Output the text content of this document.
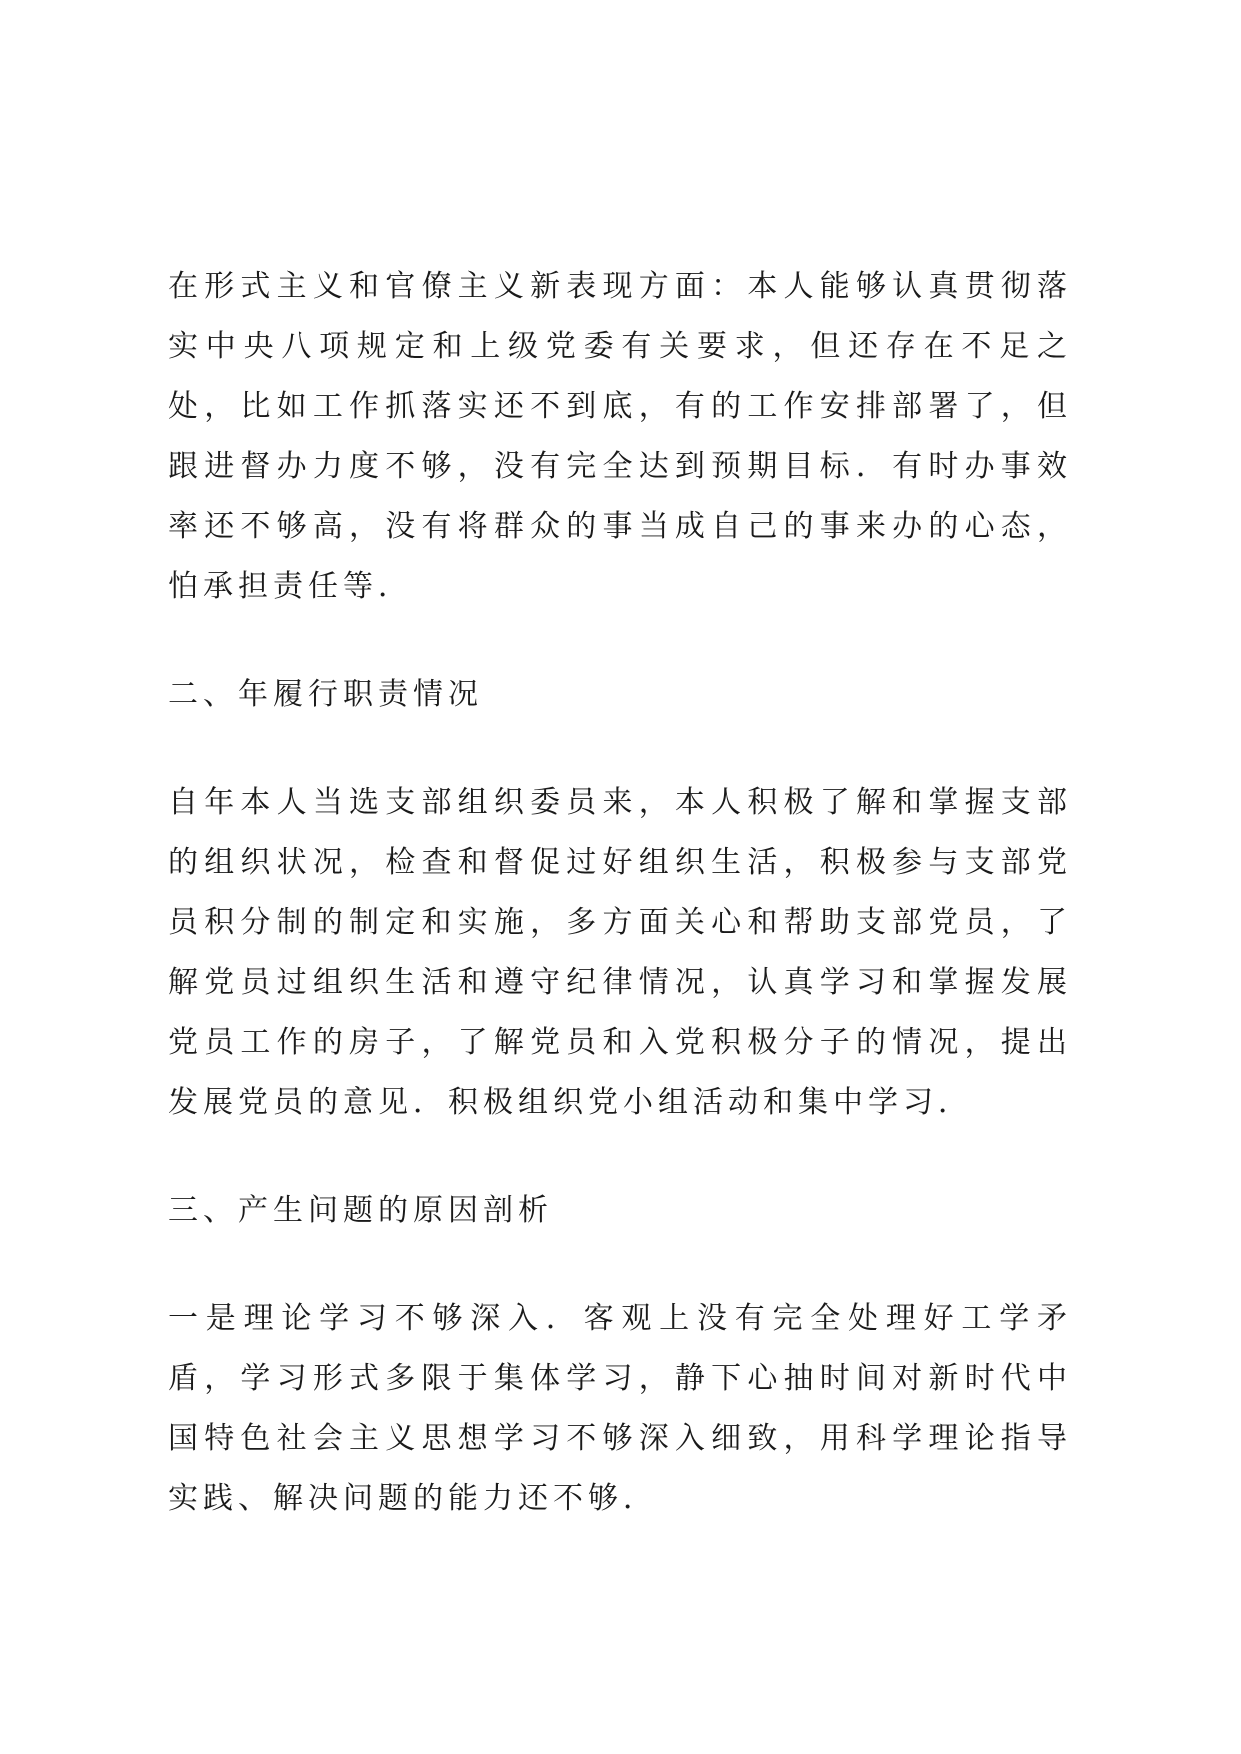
在形式主义和官僚主义新表现方面：本人能够认真贯彻落实中央八项规定和上级党委有关要求，但还存在不足之处，比如工作抓落实还不到底，有的工作安排部署了，但跟进督办力度不够，没有完全达到预期目标．有时办事效率还不够高，没有将群众的事当成自己的事来办的心态，怕承担责任等．

二、年履行职责情况

自年本人当选支部组织委员来，本人积极了解和掌握支部的组织状况，检查和督促过好组织生活，积极参与支部党员积分制的制定和实施，多方面关心和帮助支部党员，了解党员过组织生活和遵守纪律情况，认真学习和掌握发展党员工作的房子，了解党员和入党积极分子的情况，提出发展党员的意见．积极组织党小组活动和集中学习．

三、产生问题的原因剖析

一是理论学习不够深入．客观上没有完全处理好工学矛盾，学习形式多限于集体学习，静下心抽时间对新时代中国特色社会主义思想学习不够深入细致，用科学理论指导实践、解决问题的能力还不够．
